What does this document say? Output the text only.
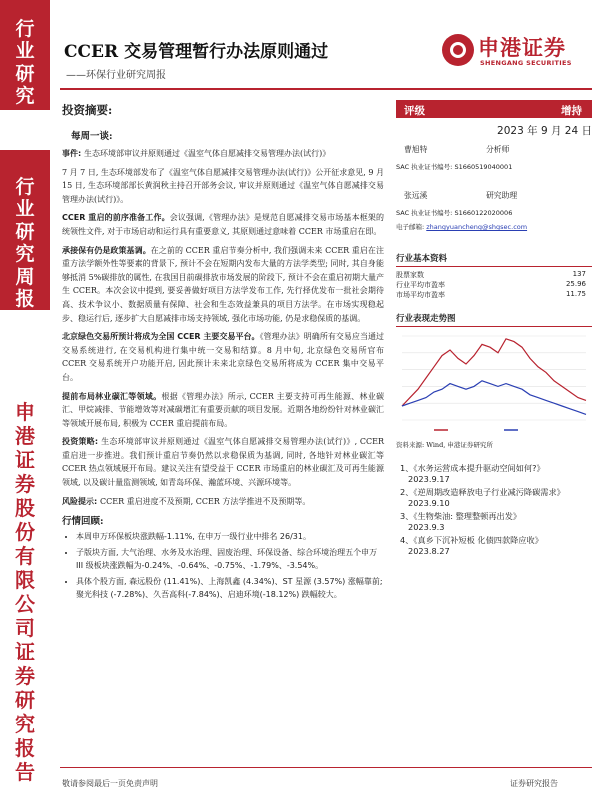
行
业
研
究
行
业
研
究
周
报
申
港
证
券
股
份
有
限
公
司
证
券
研
究
报
告
CCER 交易管理暂行办法原则通过
——环保行业研究周报
申港证券
SHENGANG SECURITIES
投资摘要:
每周一谈:

事件: 生态环境部审议并原则通过《温室气体自愿减排交易管理办法(试行)》

7 月 7 日, 生态环境部发布了《温室气体自愿减排交易管理办法(试行)》公开征求意见, 9 月 15 日, 生态环境部部长黄润秋主持召开部务会议, 审议并原则通过《温室气体自愿减排交易管理办法(试行)》。

CCER 重启的前序准备工作。会议强调,《管理办法》是规范自愿减排交易市场基本框架的统领性文件, 对于市场启动和运行具有重要意义, 其原则通过意味着 CCER 市场重启在即。

承接保有仍是政策基调。在之前的 CCER 重启节奏分析中, 我们强调未来 CCER 重启在注重方法学额外性等要素的背景下, 预计不会在短期内发布大量的方法学类型; 同时, 其自身能够抵消 5%碳排放的属性, 在我国目前碳排放市场发展的阶段下, 预计不会在重启初期大量产生 CCER。本次会议中提到, 要妥善做好项目方法学发布工作, 先行择优发布一批社会期待高、技术争议小、数据质量有保障、社会和生态效益兼具的项目方法学。在市场实现稳起步、稳运行后, 逐步扩大自愿减排市场支持领域, 强化市场功能, 仍是求稳保质的基调。

北京绿色交易所预计将成为全国 CCER 主要交易平台。《管理办法》明确所有交易应当通过交易系统进行, 在交易机构进行集中统一交易和结算。8 月中旬, 北京绿色交易所官布 CCER 交易系统开户功能开启, 因此预计未来北京绿色交易所将成为 CCER 集中交易平台。

提前布局林业碳汇等领域。根据《管理办法》所示, CCER 主要支持可再生能源、林业碳汇、甲烷减排、节能增效等对减碳增汇有重要贡献的项目发展。近期各地纷纷针对林业碳汇等领域开展布局, 积极为 CCER 重启提前布局。

投资策略: 生态环境部审议并原则通过《温室气体自愿减排交易管理办法(试行)》, CCER 重启进一步推进。我们预计重启节奏仍然以求稳保质为基调, 同时, 各地针对林业碳汇等 CCER 热点领域展开布局。建议关注有望受益于 CCER 市场重启的林业碳汇及可再生能源领域, 以及碳计量监测领域, 如青岛环保、瀚蓝环境、兴源环境等。

风险提示: CCER 重启进度不及预期, CCER 方法学推进不及预期等。

行情回顾:
• 本周申万环保板块涨跌幅-1.11%, 在申万一级行业中排名 26/31。
• 子版块方面, 大气治理、水务及水治理、固废治理、环保设备、综合环境治理五个申万 III 级板块涨跌幅为-0.24%、-0.64%、-0.75%、-1.79%、-3.54%。
• 具体个股方面, 森远股份 (11.41%)、上海凯鑫 (4.34%)、ST 星源 (3.57%) 涨幅靠前; 聚光科技 (-7.28%)、久吾高科(-7.84%)、启迪环境(-18.12%) 跌幅较大。
评级	增持
2023 年 9 月 24 日
曹旭特	分析师
SAC 执业证书编号: S1660519040001
张远溪	研究助理
SAC 执业证书编号: S1660122020006
电子邮箱: zhangyuancheng@shgsec.com
行业基本资料
股票家数	137
行业平均市盈率	25.96
市场平均市盈率	11.75
行业表现走势图
资料来源: Wind, 申港证券研究所
1、《水务运营成本提升驱动空间如何?》
2023.9.17
2、《逆周期改造释放电子行业减污降碳需求》
2023.9.10
3、《生物柴油: 整理整顿再出发》
2023.9.3
4、《真乡下沉补短板 化债四款降应收》
2023.8.27
敬请参阅最后一页免责声明	证券研究报告
